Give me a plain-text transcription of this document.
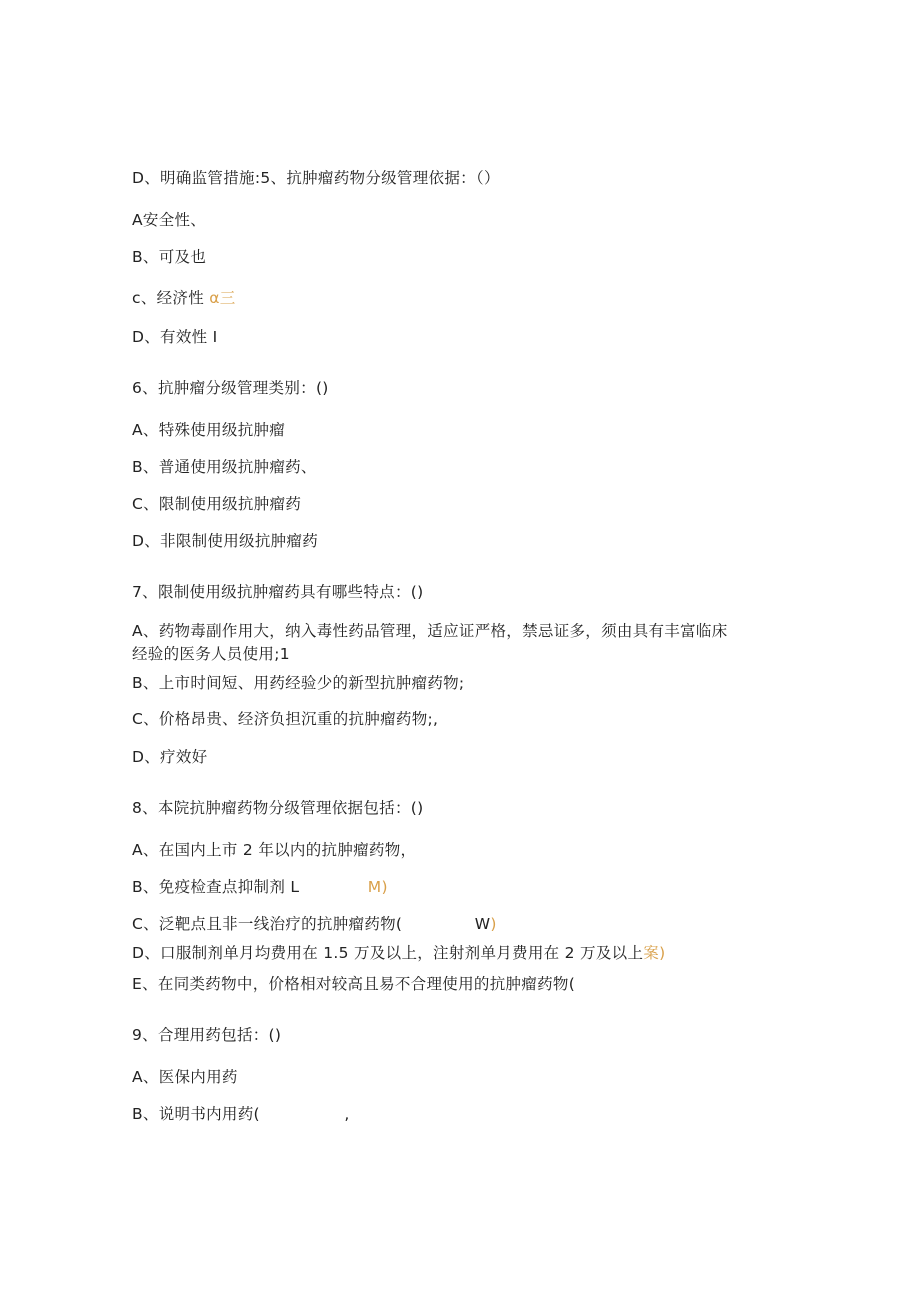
D、明确监管措施:5、抗肿瘤药物分级管理依据：（）
A安全性、
B、可及也
c、经济性 α三
D、有效性 I
6、抗肿瘤分级管理类别：()
A、特殊使用级抗肿瘤
B、普通使用级抗肿瘤药、
C、限制使用级抗肿瘤药
D、非限制使用级抗肿瘤药
7、限制使用级抗肿瘤药具有哪些特点：()
A、药物毒副作用大，纳入毒性药品管理，适应证严格，禁忌证多，须由具有丰富临床
经验的医务人员使用;1
B、上市时间短、用药经验少的新型抗肿瘤药物;
C、价格昂贵、经济负担沉重的抗肿瘤药物;,
D、疗效好
8、本院抗肿瘤药物分级管理依据包括：()
A、在国内上市 2 年以内的抗肿瘤药物，
B、免疫检查点抑制剂 L	M)
C、泛靶点且非一线治疗的抗肿瘤药物(	W)
D、口服制剂单月均费用在 1.5 万及以上，注射剂单月费用在 2 万及以上案)
E、在同类药物中，价格相对较高且易不合理使用的抗肿瘤药物(
9、合理用药包括：()
A、医保内用药
B、说明书内用药(	,
